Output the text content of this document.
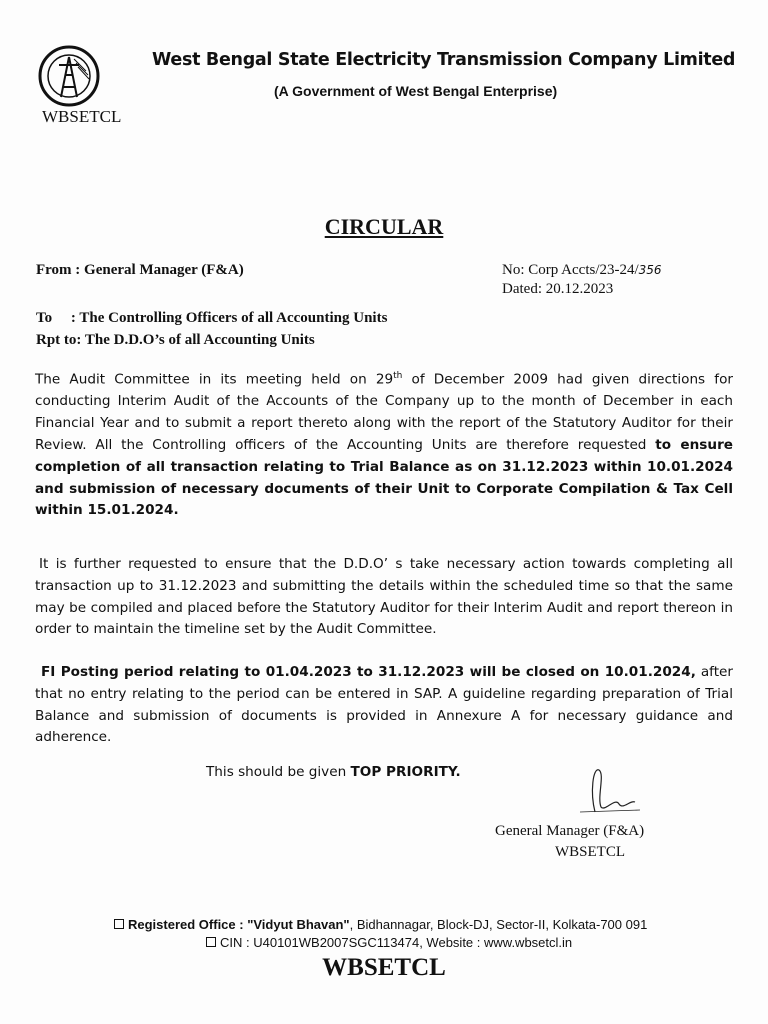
WBSETCL
West Bengal State Electricity Transmission Company Limited
(A Government of West Bengal Enterprise)
CIRCULAR
From : General Manager (F&A)	No: Corp Accts/23-24/356
Dated: 20.12.2023
To     : The Controlling Officers of all Accounting Units
Rpt to: The D.D.O’s of all Accounting Units
The Audit Committee in its meeting held on 29th of December 2009 had given directions for conducting Interim Audit of the Accounts of the Company up to the month of December in each Financial Year and to submit a report thereto along with the report of the Statutory Auditor for their Review. All the Controlling officers of the Accounting Units are therefore requested to ensure completion of all transaction relating to Trial Balance as on 31.12.2023 within 10.01.2024 and submission of necessary documents of their Unit to Corporate Compilation & Tax Cell within 15.01.2024.
It is further requested to ensure that the D.D.O’ s take necessary action towards completing all transaction up to 31.12.2023 and submitting the details within the scheduled time so that the same may be compiled and placed before the Statutory Auditor for their Interim Audit and report thereon in order to maintain the timeline set by the Audit Committee.
FI Posting period relating to 01.04.2023 to 31.12.2023 will be closed on 10.01.2024, after that no entry relating to the period can be entered in SAP. A guideline regarding preparation of Trial Balance and submission of documents is provided in Annexure A for necessary guidance and adherence.
This should be given TOP PRIORITY.
General Manager (F&A)
WBSETCL
Registered Office : "Vidyut Bhavan", Bidhannagar, Block-DJ, Sector-II, Kolkata-700 091
CIN : U40101WB2007SGC113474, Website : www.wbsetcl.in
WBSETCL
